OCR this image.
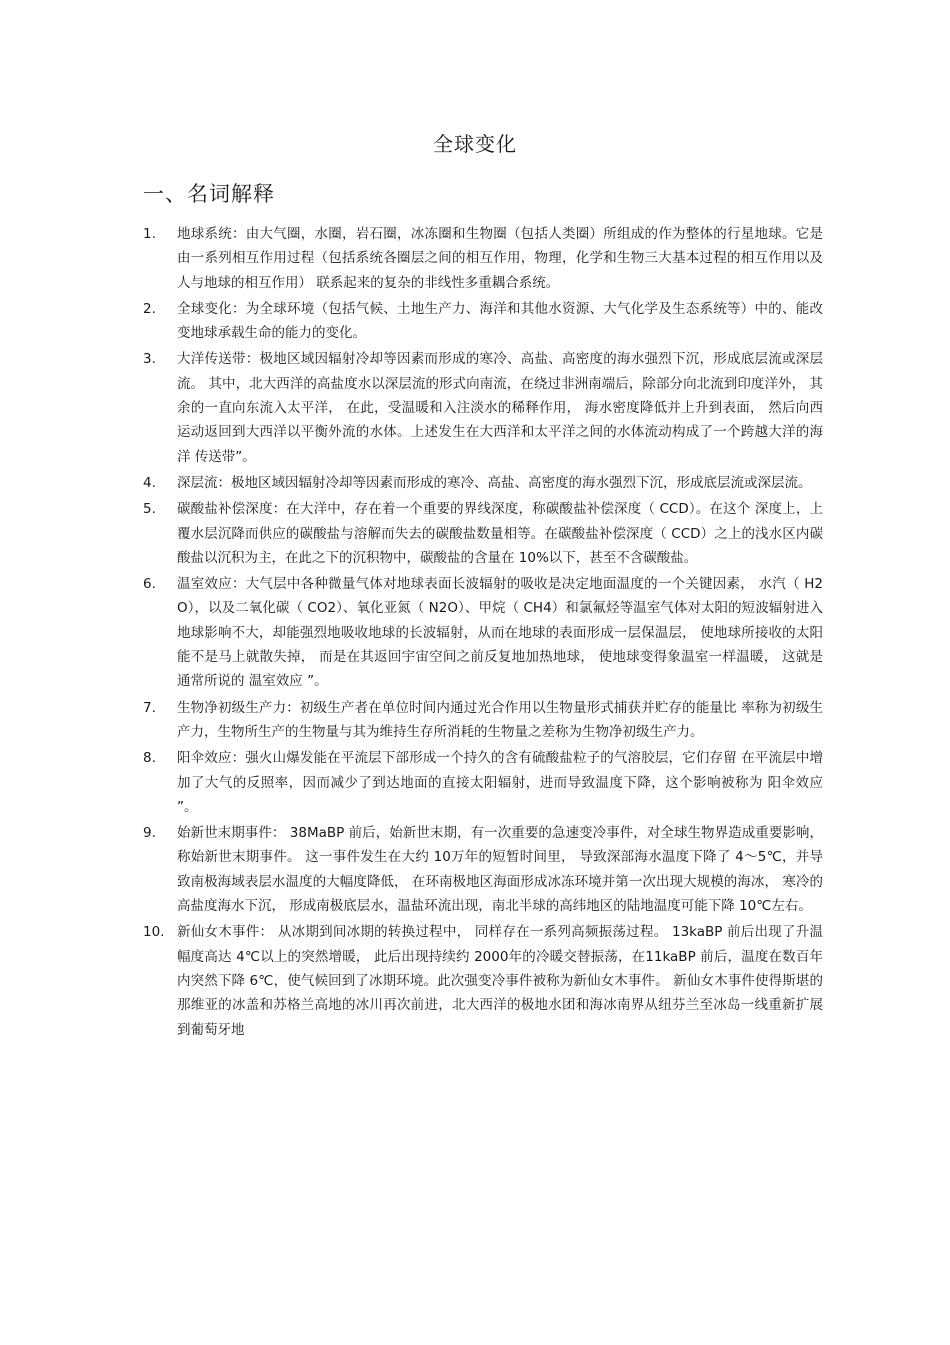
全球变化
一、名词解释
1.	地球系统：由大气圈，水圈，岩石圈，冰冻圈和生物圈（包括人类圈）所组成的作为整体的行星地球。它是由一系列相互作用过程（包括系统各圈层之间的相互作用，物理，化学和生物三大基本过程的相互作用以及人与地球的相互作用） 联系起来的复杂的非线性多重耦合系统。
2.	全球变化：为全球环境（包括气候、土地生产力、海洋和其他水资源、大气化学及生态系统等）中的、能改变地球承载生命的能力的变化。
3.	大洋传送带：极地区域因辐射冷却等因素而形成的寒冷、高盐、高密度的海水强烈下沉，形成底层流或深层流。 其中，北大西洋的高盐度水以深层流的形式向南流，在绕过非洲南端后，除部分向北流到印度洋外， 其余的一直向东流入太平洋， 在此，受温暖和入注淡水的稀释作用， 海水密度降低并上升到表面， 然后向西运动返回到大西洋以平衡外流的水体。上述发生在大西洋和太平洋之间的水体流动构成了一个跨越大洋的海洋 传送带”。
4.	深层流：极地区域因辐射冷却等因素而形成的寒冷、高盐、高密度的海水强烈下沉，形成底层流或深层流。
5.	碳酸盐补偿深度：在大洋中，存在着一个重要的界线深度，称碳酸盐补偿深度（ CCD）。在这个 深度上，上覆水层沉降而供应的碳酸盐与溶解而失去的碳酸盐数量相等。在碳酸盐补偿深度（ CCD）之上的浅水区内碳酸盐以沉积为主，在此之下的沉积物中，碳酸盐的含量在 10%以下，甚至不含碳酸盐。
6.	温室效应：大气层中各种微量气体对地球表面长波辐射的吸收是决定地面温度的一个关键因素， 水汽（ H2O），以及二氧化碳（ CO2）、氧化亚氮（ N2O）、甲烷（ CH4）和氯氟烃等温室气体对太阳的短波辐射进入地球影响不大，却能强烈地吸收地球的长波辐射，从而在地球的表面形成一层保温层， 使地球所接收的太阳能不是马上就散失掉， 而是在其返回宇宙空间之前反复地加热地球， 使地球变得象温室一样温暖， 这就是通常所说的 温室效应 ”。
7.	生物净初级生产力：初级生产者在单位时间内通过光合作用以生物量形式捕获并贮存的能量比 率称为初级生产力，生物所生产的生物量与其为维持生存所消耗的生物量之差称为生物净初级生产力。
8.	阳伞效应：强火山爆发能在平流层下部形成一个持久的含有硫酸盐粒子的气溶胶层，它们存留 在平流层中增加了大气的反照率，因而减少了到达地面的直接太阳辐射，进而导致温度下降，这个影响被称为 阳伞效应 ”。
9.	始新世末期事件： 38MaBP 前后，始新世末期，有一次重要的急速变冷事件，对全球生物界造成重要影响， 称始新世末期事件。 这一事件发生在大约 10万年的短暂时间里， 导致深部海水温度下降了 4～5℃，并导致南极海域表层水温度的大幅度降低， 在环南极地区海面形成冰冻环境并第一次出现大规模的海冰， 寒冷的高盐度海水下沉， 形成南极底层水，温盐环流出现，南北半球的高纬地区的陆地温度可能下降 10℃左右。
10. 新仙女木事件： 从冰期到间冰期的转换过程中， 同样存在一系列高频振荡过程。 13kaBP 前后出现了升温幅度高达 4℃以上的突然增暖， 此后出现持续约 2000年的冷暖交替振荡，在11kaBP 前后，温度在数百年内突然下降 6℃，使气候回到了冰期环境。此次强变冷事件被称为新仙女木事件。 新仙女木事件使得斯堪的那维亚的冰盖和苏格兰高地的冰川再次前进，北大西洋的极地水团和海冰南界从纽芬兰至冰岛一线重新扩展到葡萄牙地
